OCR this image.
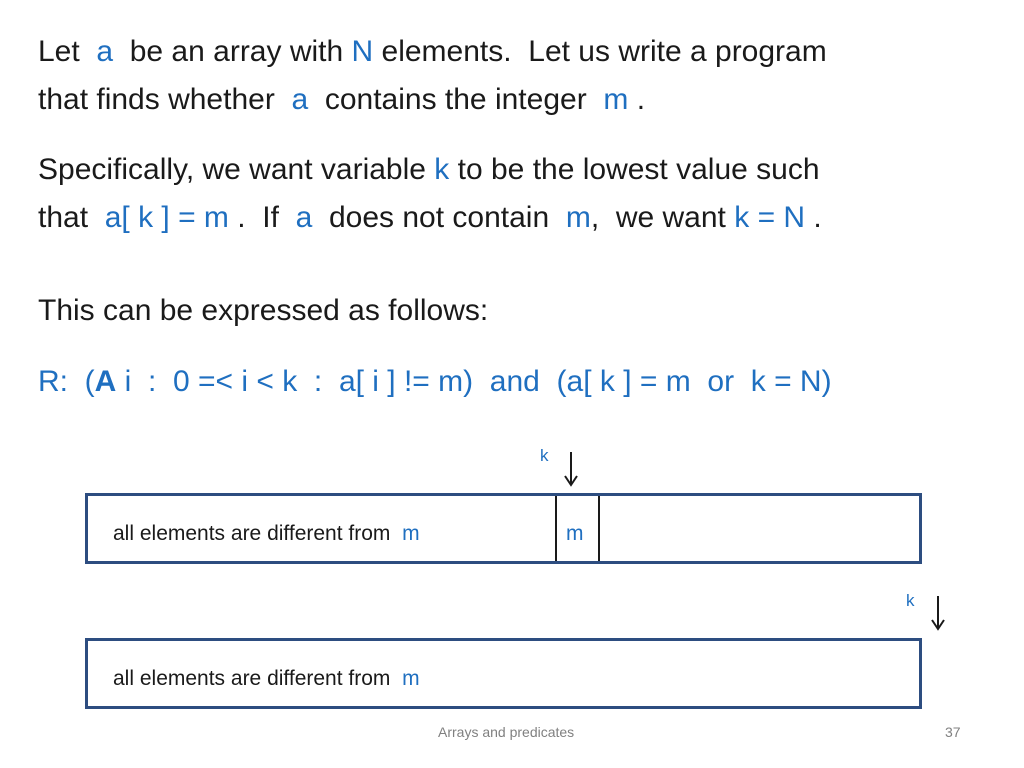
Let  a  be an array with N elements.  Let us write a program
that finds whether  a  contains the integer  m .
Specifically, we want variable k to be the lowest value such
that  a[ k ] = m .  If  a  does not contain  m,  we want k = N .
This can be expressed as follows:
R:  (A i  :  0 =< i < k  :  a[ i ] != m)  and  (a[ k ] = m  or  k = N)
k
all elements are different from  m	m
k
all elements are different from  m
Arrays and predicates	37
